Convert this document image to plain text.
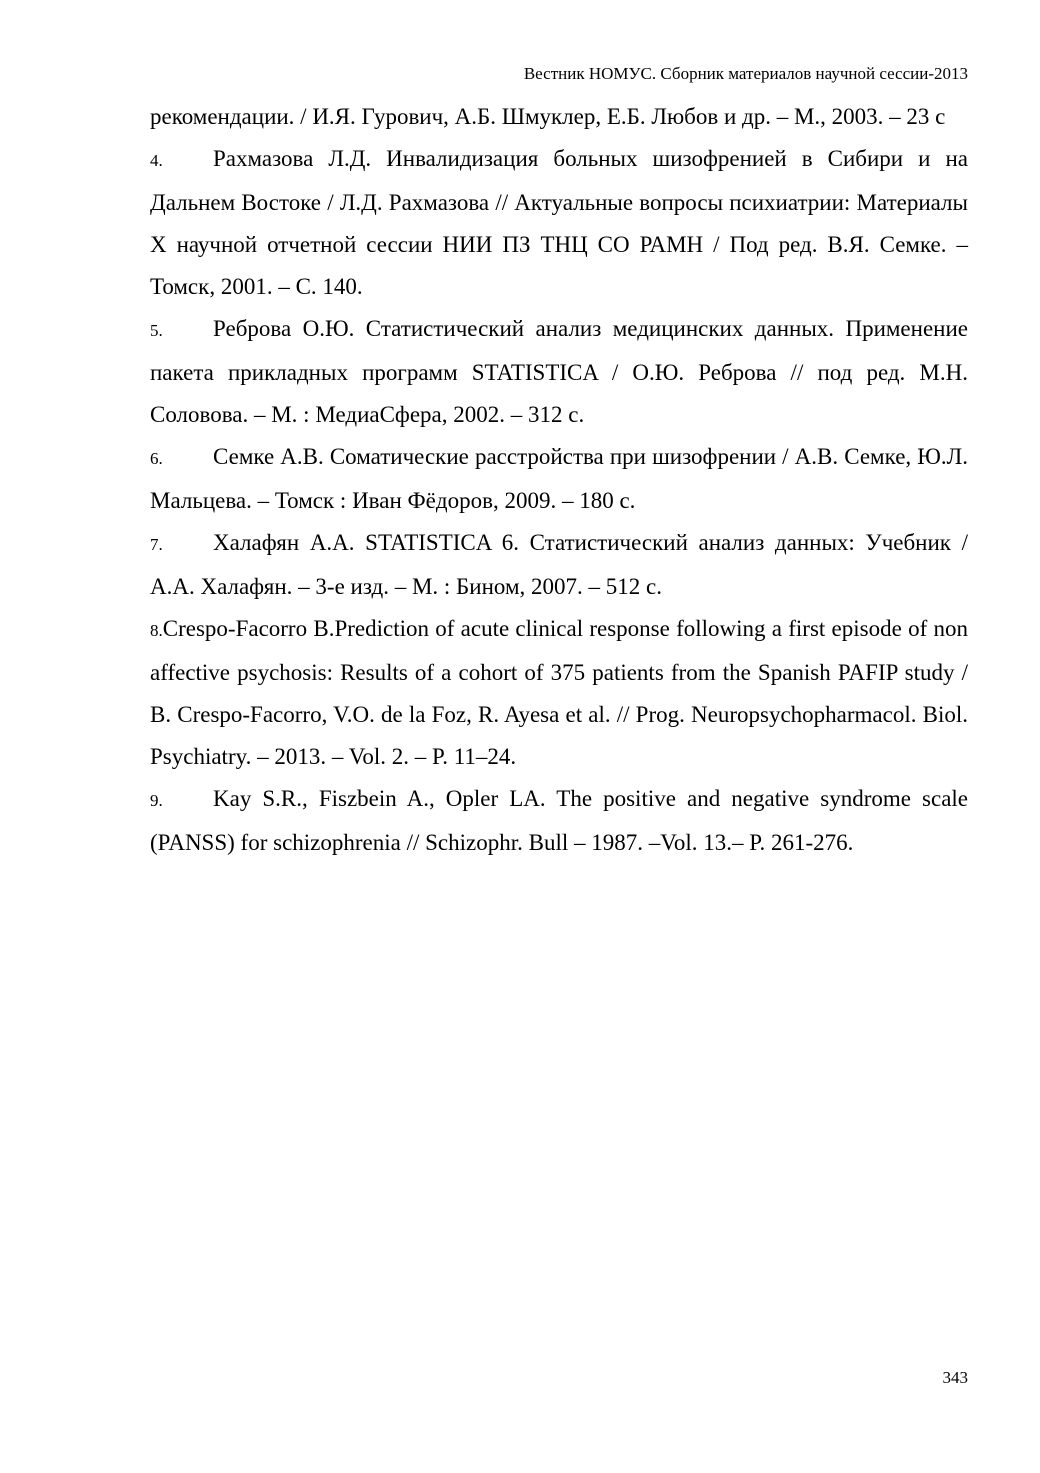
Вестник НОМУС. Сборник материалов научной сессии-2013

рекомендации. / И.Я. Гурович, А.Б. Шмуклер, Е.Б. Любов и др. – М., 2003. – 23 с

4. Рахмазова Л.Д. Инвалидизация больных шизофренией в Сибири и на Дальнем Востоке / Л.Д. Рахмазова // Актуальные вопросы психиатрии: Материалы Х научной отчетной сессии НИИ ПЗ ТНЦ СО РАМН / Под ред. В.Я. Семке. – Томск, 2001. – С. 140.

5. Реброва О.Ю. Статистический анализ медицинских данных. Применение пакета прикладных программ STATISTICA / О.Ю. Реброва // под ред. М.Н. Соловова. – М. : МедиаСфера, 2002. – 312 с.

6. Семке А.В. Соматические расстройства при шизофрении / А.В. Семке, Ю.Л. Мальцева. – Томск : Иван Фёдоров, 2009. – 180 с.

7. Халафян А.А. STATISTICA 6. Статистический анализ данных: Учебник / А.А. Халафян. – 3-е изд. – М. : Бином, 2007. – 512 с.

8.Crespo-Facorro B.Prediction of acute clinical response following a first episode of non affective psychosis: Results of a cohort of 375 patients from the Spanish PAFIP study / B. Crespo-Facorro, V.O. de la Foz, R. Ayesa et al. // Prog. Neuropsychopharmacol. Biol. Psychiatry. – 2013. – Vol. 2. – P. 11–24.

9. Kay S.R., Fiszbein A., Opler LA. The positive and negative syndrome scale (PANSS) for schizophrenia // Schizophr. Bull – 1987. –Vol. 13.– P. 261-276.

343
